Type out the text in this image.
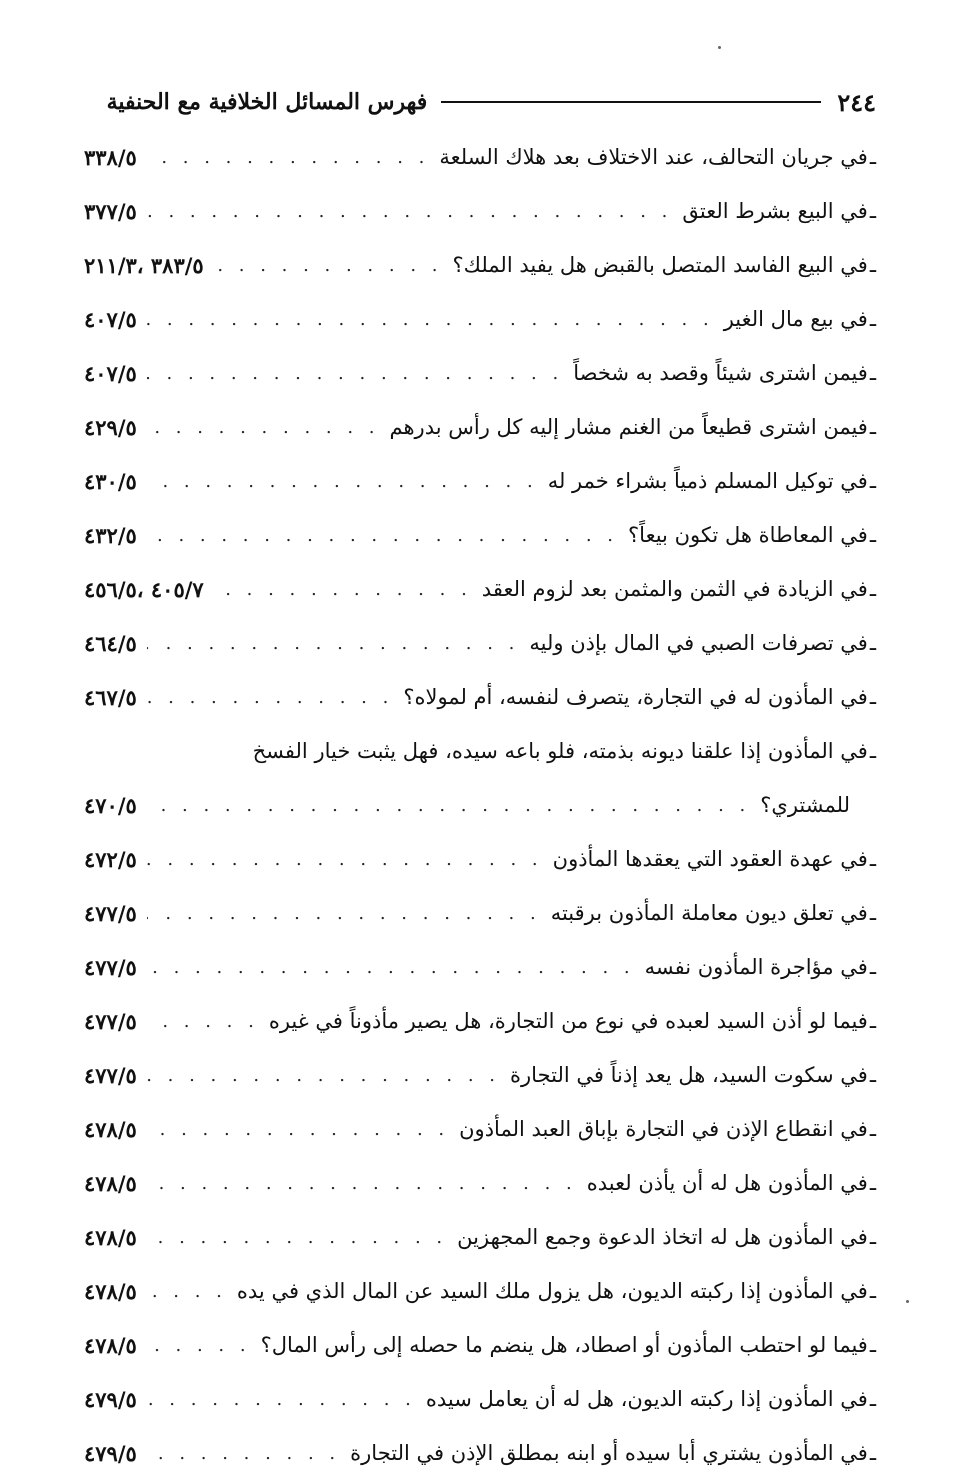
٢٤٤
فهرس المسائل الخلافية مع الحنفية
ـ
في جريان التحالف، عند الاختلاف بعد هلاك السلعة
. . .
٣٣٨/٥
ـ
في البيع بشرط العتق
. . .
٣٧٧/٥
ـ
في البيع الفاسد المتصل بالقبض هل يفيد الملك؟
. . .
٣٨٣/٥ ،٢١١/٣
ـ
في بيع مال الغير
. . .
٤٠٧/٥
ـ
فيمن اشترى شيئاً وقصد به شخصاً
. . .
٤٠٧/٥
ـ
فيمن اشترى قطيعاً من الغنم مشار إليه كل رأس بدرهم
. . .
٤٢٩/٥
ـ
في توكيل المسلم ذمياً بشراء خمر له
. . .
٤٣٠/٥
ـ
في المعاطاة هل تكون بيعاً؟
. . .
٤٣٢/٥
ـ
في الزيادة في الثمن والمثمن بعد لزوم العقد
. . .
٤٠٥/٧ ،٤٥٦/٥
ـ
في تصرفات الصبي في المال بإذن وليه
. . .
٤٦٤/٥
ـ
في المأذون له في التجارة، يتصرف لنفسه، أم لمولاه؟
. . .
٤٦٧/٥
ـ
في المأذون إذا علقنا ديونه بذمته، فلو باعه سيده، فهل يثبت خيار الفسخ
للمشتري؟
. . .
٤٧٠/٥
ـ
في عهدة العقود التي يعقدها المأذون
. . .
٤٧٢/٥
ـ
في تعلق ديون معاملة المأذون برقبته
. . .
٤٧٧/٥
ـ
في مؤاجرة المأذون نفسه
. . .
٤٧٧/٥
ـ
فيما لو أذن السيد لعبده في نوع من التجارة، هل يصير مأذوناً في غيره
. . .
٤٧٧/٥
ـ
في سكوت السيد، هل يعد إذناً في التجارة
. . .
٤٧٧/٥
ـ
في انقطاع الإذن في التجارة بإباق العبد المأذون
. . .
٤٧٨/٥
ـ
في المأذون هل له أن يأذن لعبده
. . .
٤٧٨/٥
ـ
في المأذون هل له اتخاذ الدعوة وجمع المجهزين
. . .
٤٧٨/٥
ـ
في المأذون إذا ركبته الديون، هل يزول ملك السيد عن المال الذي في يده
. . .
٤٧٨/٥
ـ
فيما لو احتطب المأذون أو اصطاد، هل ينضم ما حصله إلى رأس المال؟
. . .
٤٧٨/٥
ـ
في المأذون إذا ركبته الديون، هل له أن يعامل سيده
. . .
٤٧٩/٥
ـ
في المأذون يشتري أبا سيده أو ابنه بمطلق الإذن في التجارة
. . .
٤٧٩/٥
